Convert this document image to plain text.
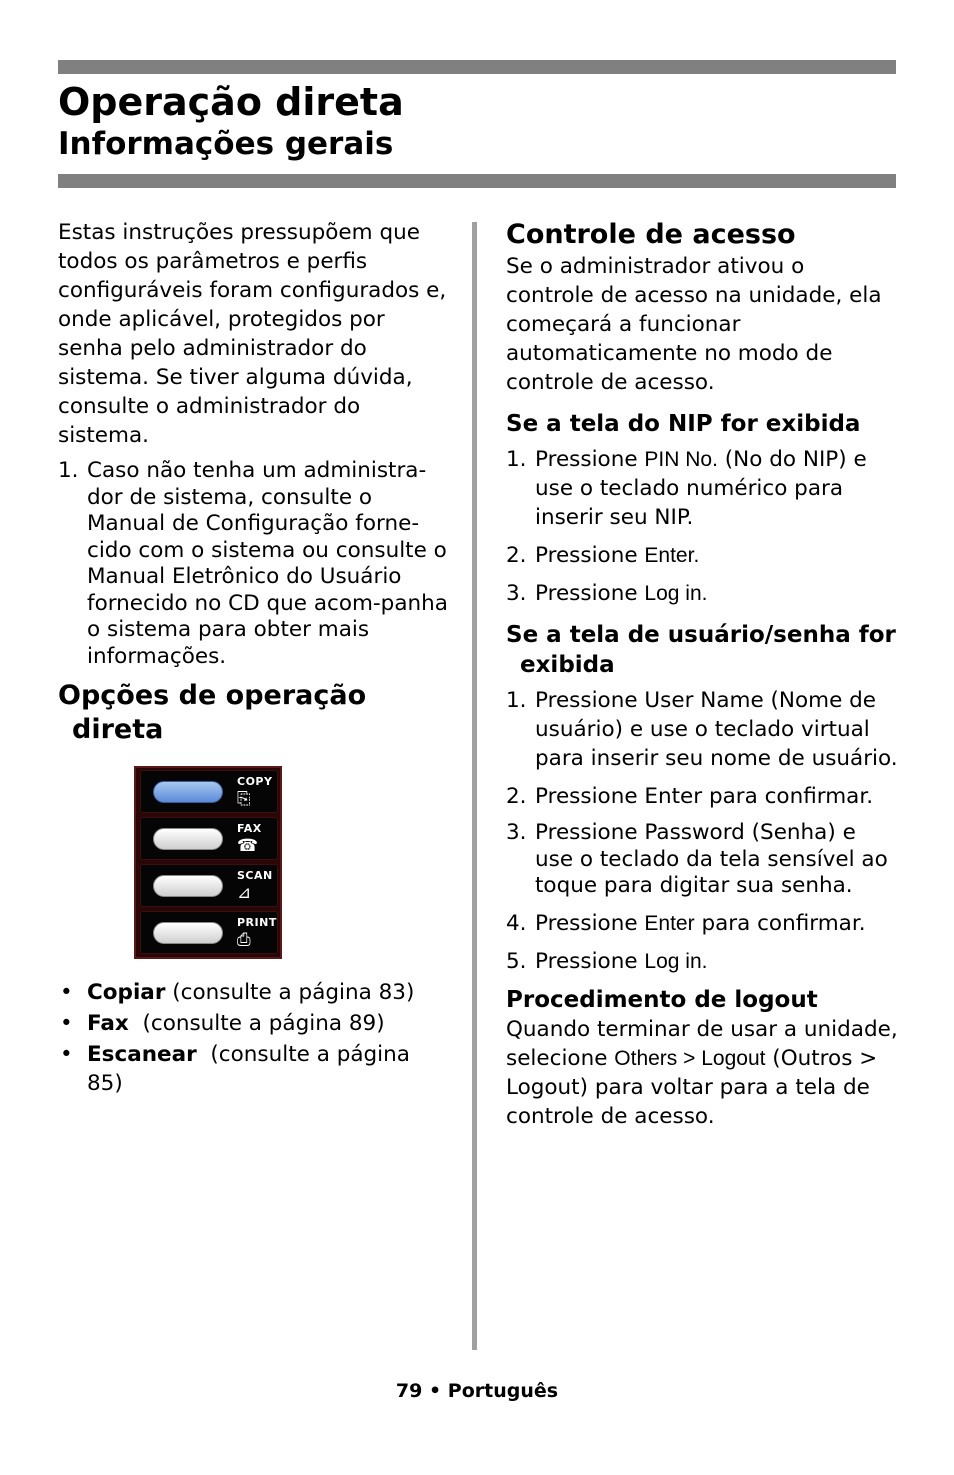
Operação direta
Informações gerais

Estas instruções pressupõem que todos os parâmetros e perfis configuráveis foram configurados e, onde aplicável, protegidos por senha pelo administrador do sistema. Se tiver alguma dúvida, consulte o administrador do sistema.

1. Caso não tenha um administra-dor de sistema, consulte o Manual de Configuração forne-cido com o sistema ou consulte o Manual Eletrônico do Usuário fornecido no CD que acom-panha o sistema para obter mais informações.
Opções de operação direta
COPY
⎘
FAX
☎
SCAN
⊿
PRINT
⎙
• Copiar (consulte a página 83)
• Fax  (consulte a página 89)
• Escanear  (consulte a página 85)
Controle de acesso

Se o administrador ativou o controle de acesso na unidade, ela começará a funcionar automaticamente no modo de controle de acesso.

Se a tela do NIP for exibida
1. Pressione PIN No. (No do NIP) e use o teclado numérico para inserir seu NIP.
2. Pressione Enter.
3. Pressione Log in.
Se a tela de usuário/senha for exibida
1. Pressione User Name (Nome de usuário) e use o teclado virtual para inserir seu nome de usuário.
2. Pressione Enter para confirmar.
3. Pressione Password (Senha) e use o teclado da tela sensível ao toque para digitar sua senha.
4. Pressione Enter para confirmar.
5. Pressione Log in.
Procedimento de logout

Quando terminar de usar a unidade, selecione Others > Logout (Outros > Logout) para voltar para a tela de controle de acesso.

79 • Português
